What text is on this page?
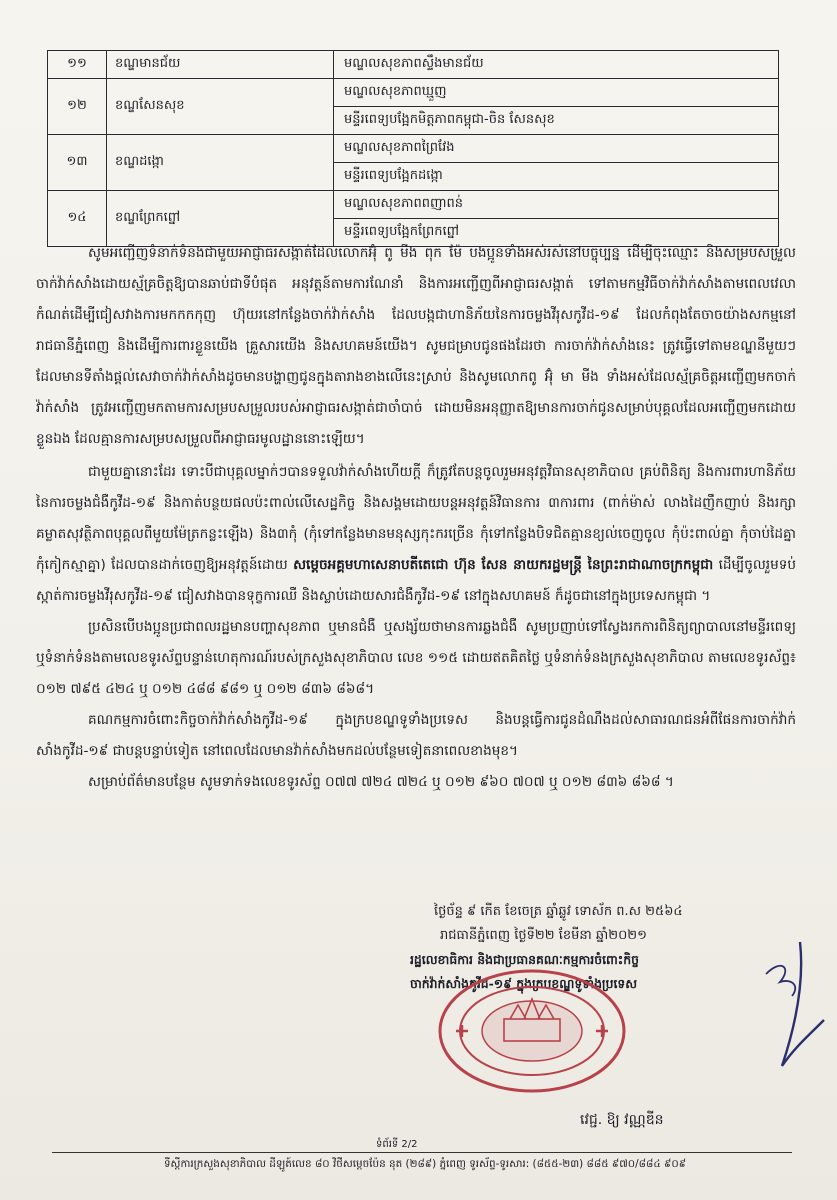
១១	ខណ្ឌមានជ័យ	មណ្ឌលសុខភាពស្ទឹងមានជ័យ
១២	ខណ្ឌសែនសុខ	មណ្ឌលសុខភាពឃ្មួញ
		មន្ទីរពេទ្យបង្អែកមិត្តភាពកម្ពុជា-ចិន សែនសុខ
១៣	ខណ្ឌដង្កោ	មណ្ឌលសុខភាពព្រៃវែង
		មន្ទីរពេទ្យបង្អែកដង្កោ
១៤	ខណ្ឌព្រែកព្នៅ	មណ្ឌលសុខភាពពញាពន់
		មន្ទីរពេទ្យបង្អែកព្រែកព្នៅ

សូមអញ្ជើញទំនាក់ទំនងជាមួយអាជ្ញាធរសង្កាត់ដែលលោកអ៊ុំ ពូ មីង ពុក ម៉ែ បងប្អូនទាំងអស់រស់នៅបច្ចុប្បន្ន ដើម្បីចុះឈ្មោះ និងសម្របសម្រួលចាក់វ៉ាក់សាំងដោយស្ម័គ្រចិត្តឱ្យបានឆាប់ជាទីបំផុត អនុវត្តន៍តាមការណែនាំ និងការអញ្ជើញពីអាជ្ញាធរសង្កាត់ ទៅតាមកម្មវិធីចាក់វ៉ាក់សាំងតាមពេលវេលាកំណត់ដើម្បីជៀសវាងការមកកកកុញ ហ៊ុយរនៅកន្លែងចាក់វ៉ាក់សាំង ដែលបង្កជាហានិភ័យនៃការចម្លងវីរុសកូវីដ-១៩ ដែលកំពុងតែចាចយ៉ាងសកម្មនៅរាជធានីភ្នំពេញ និងដើម្បីការពារខ្លួនយើង គ្រួសារយើង និងសហគមន៍យើង។ សូមជម្រាបជូនផងដែរថា ការចាក់វ៉ាក់សាំងនេះ ត្រូវធ្វើទៅតាមខណ្ឌនីមួយៗ ដែលមានទីតាំងផ្តល់សេវាចាក់វ៉ាក់សាំងដូចមានបង្ហាញជូនក្នុងតារាងខាងលើនេះស្រាប់ និងសូមលោកពូ អ៊ុំ មា មីង ទាំងអស់ដែលស្ម័គ្រចិត្តអញ្ជើញមកចាក់វ៉ាក់សាំង ត្រូវអញ្ជើញមកតាមការសម្របសម្រួលរបស់អាជ្ញាធរសង្កាត់ជាចាំបាច់ ដោយមិនអនុញ្ញាតឱ្យមានការចាក់ជូនសម្រាប់បុគ្គលដែលអញ្ជើញមកដោយខ្លួនឯង ដែលគ្មានការសម្របសម្រួលពីអាជ្ញាធរមូលដ្ឋាននោះឡើយ។

ជាមួយគ្នានោះដែរ ទោះបីជាបុគ្គលម្នាក់ៗបានទទួលវ៉ាក់សាំងហើយក្តី ក៏ត្រូវតែបន្តចូលរួមអនុវត្តវិធានសុខាភិបាល គ្រប់ពិនិត្យ និងការពារហានិភ័យនៃការចម្លងជំងឺកូវីដ-១៩ និងកាត់បន្ថយផលប៉ះពាល់លើសេដ្ឋកិច្ច និងសង្គមដោយបន្តអនុវត្តន៍វិធានការ ៣ការពារ (ពាក់ម៉ាស់ លាងដៃញឹកញាប់ និងរក្សាគម្លាតសុវត្ថិភាពបុគ្គលពីមួយម៉ែត្រកន្លះឡើង) និង៣កុំ (កុំទៅកន្លែងមានមនុស្សកុះករច្រើន កុំទៅកន្លែងបិទជិតគ្មានខ្យល់ចេញចូល កុំប៉ះពាល់គ្នា កុំចាប់ដៃគ្នា កុំកៀកស្មាគ្នា) ដែលបានដាក់ចេញឱ្យអនុវត្តន៍ដោយ សម្តេចអគ្គមហាសេនាបតីតេជោ ហ៊ុន សែន នាយករដ្ឋមន្ត្រី នៃព្រះរាជាណាចក្រកម្ពុជា ដើម្បីចូលរួមទប់ស្កាត់ការចម្លងវីរុសកូវីដ-១៩ ជៀសវាងបានទុក្ខការឈឺ និងស្លាប់ដោយសារជំងឺកូវីដ-១៩ នៅក្នុងសហគមន៍ ក៏ដូចជានៅក្នុងប្រទេសកម្ពុជា ។

ប្រសិនបើបងប្អូនប្រជាពលរដ្ឋមានបញ្ហាសុខភាព ឬមានជំងឺ ឬសង្ស័យថាមានការឆ្លងជំងឺ សូមប្រញាប់ទៅស្វែងរកការពិនិត្យព្យាបាលនៅមន្ទីរពេទ្យ ឬទំនាក់ទំនងតាមលេខទូរស័ព្ទបន្ទាន់ហេតុការណ៍របស់ក្រសួងសុខាភិបាល លេខ ១១៥ ដោយឥតគិតថ្លៃ ឬទំនាក់ទំនងក្រសួងសុខាភិបាល តាមលេខទូរស័ព្ទ៖ ០១២ ៧៩៥ ៤២៤ ឬ ០១២ ៤៨៨ ៩៨១ ឬ ០១២ ៨៣៦ ៨៦៨។

គណកម្មការចំពោះកិច្ចចាក់វ៉ាក់សាំងកូវីដ-១៩ ក្នុងក្របខណ្ឌទូទាំងប្រទេស និងបន្តធ្វើការជូនដំណឹងដល់សាធារណជនអំពីផែនការចាក់វ៉ាក់សាំងកូវីដ-១៩ ជាបន្តបន្ទាប់ទៀត នៅពេលដែលមានវ៉ាក់សាំងមកដល់បន្ថែមទៀតនាពេលខាងមុខ។

សម្រាប់ព័ត៌មានបន្ថែម សូមទាក់ទងលេខទូរស័ព្ទ ០៧៧ ៧២៤ ៧២៤ ឬ ០១២ ៩៦០ ៧០៧ ឬ ០១២ ៨៣៦ ៨៦៨ ។

ថ្ងៃច័ន្ទ ៩ កើត ខែចេត្រ ឆ្នាំឆ្លូវ ទោស័ក ព.ស ២៥៦៤
រាជធានីភ្នំពេញ ថ្ងៃទី២២ ខែមីនា ឆ្នាំ២០២១
រដ្ឋលេខាធិការ និងជាប្រធានគណៈកម្មការចំពោះកិច្ច
ចាក់វ៉ាក់សាំងកូវីដ-១៩ ក្នុងក្របខណ្ឌទូទាំងប្រទេស
វេជ្ជ. ឱ្យ វណ្ណឌីន
ទំព័រទី 2/2
ទីស្តីការក្រសួងសុខាភិបាល ដីឡូត៍លេខ ៨០ វិថីសម្ដេចប៉ែន នុត (២៨៩) ភ្នំពេញ ទូរស័ព្ទ-ទូរសារ: (៨៥៥-២៣) ៨៨៥ ៩៧០/៨៨៤ ៩០៩
